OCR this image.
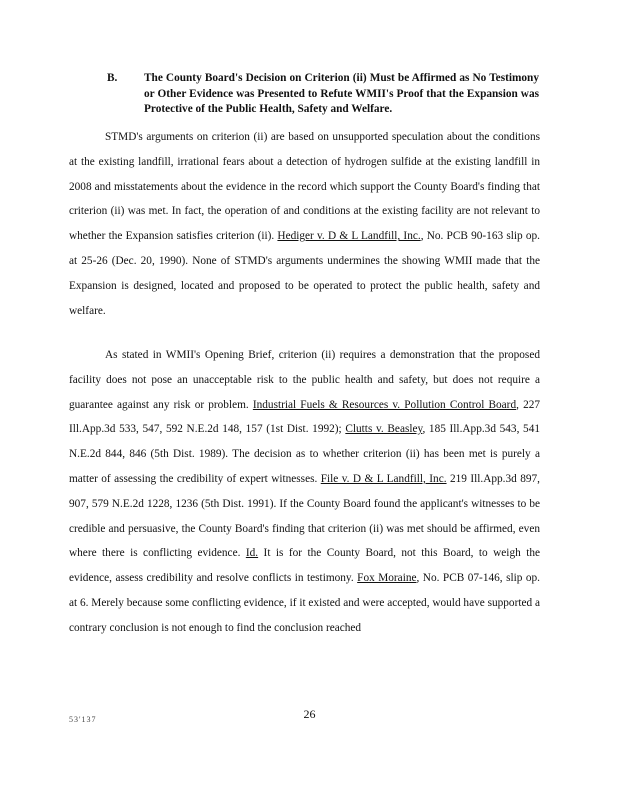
B. The County Board's Decision on Criterion (ii) Must be Affirmed as No Testimony or Other Evidence was Presented to Refute WMII's Proof that the Expansion was Protective of the Public Health, Safety and Welfare.

STMD's arguments on criterion (ii) are based on unsupported speculation about the conditions at the existing landfill, irrational fears about a detection of hydrogen sulfide at the existing landfill in 2008 and misstatements about the evidence in the record which support the County Board's finding that criterion (ii) was met. In fact, the operation of and conditions at the existing facility are not relevant to whether the Expansion satisfies criterion (ii). Hediger v. D & L Landfill, Inc., No. PCB 90-163 slip op. at 25-26 (Dec. 20, 1990). None of STMD's arguments undermines the showing WMII made that the Expansion is designed, located and proposed to be operated to protect the public health, safety and welfare.

As stated in WMII's Opening Brief, criterion (ii) requires a demonstration that the proposed facility does not pose an unacceptable risk to the public health and safety, but does not require a guarantee against any risk or problem. Industrial Fuels & Resources v. Pollution Control Board, 227 Ill.App.3d 533, 547, 592 N.E.2d 148, 157 (1st Dist. 1992); Clutts v. Beasley, 185 Ill.App.3d 543, 541 N.E.2d 844, 846 (5th Dist. 1989). The decision as to whether criterion (ii) has been met is purely a matter of assessing the credibility of expert witnesses. File v. D & L Landfill, Inc. 219 Ill.App.3d 897, 907, 579 N.E.2d 1228, 1236 (5th Dist. 1991). If the County Board found the applicant's witnesses to be credible and persuasive, the County Board's finding that criterion (ii) was met should be affirmed, even where there is conflicting evidence. Id. It is for the County Board, not this Board, to weigh the evidence, assess credibility and resolve conflicts in testimony. Fox Moraine, No. PCB 07-146, slip op. at 6. Merely because some conflicting evidence, if it existed and were accepted, would have supported a contrary conclusion is not enough to find the conclusion reached

53'137	26
